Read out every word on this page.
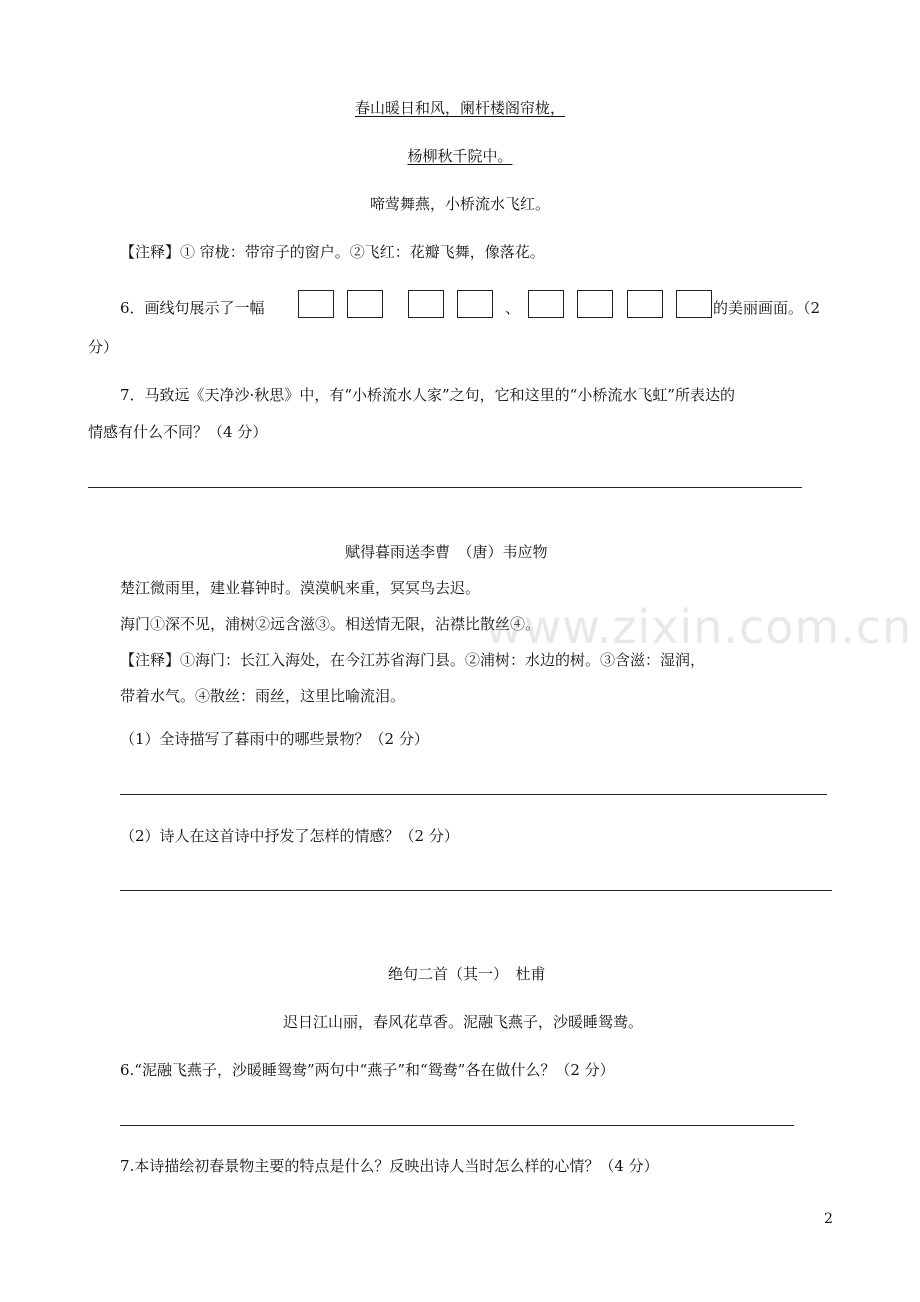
春山暖日和风，阑杆楼阁帘栊，
杨柳秋千院中。
啼莺舞燕，小桥流水飞红。
【注释】① 帘栊：带帘子的窗户。②飞红：花瓣飞舞，像落花。
6．画线句展示了一幅	、	的美丽画面。（2
分）
7．马致远《天净沙·秋思》中，有“小桥流水人家”之句，它和这里的“小桥流水飞虹”所表达的
情感有什么不同？（4 分）
赋得暮雨送李曹　（唐）韦应物
楚江微雨里，建业暮钟时。漠漠帆来重，冥冥鸟去迟。
海门①深不见，浦树②远含滋③。相送情无限，沾襟比散丝④。
【注释】①海门：长江入海处，在今江苏省海门县。②浦树：水边的树。③含滋：湿润，
带着水气。④散丝：雨丝，这里比喻流泪。
（1）全诗描写了暮雨中的哪些景物？（2 分）
（2）诗人在这首诗中抒发了怎样的情感？（2 分）
绝句二首（其一）　杜甫
迟日江山丽，春风花草香。泥融飞燕子，沙暖睡鸳鸯。
6.“泥融飞燕子，沙暖睡鸳鸯”两句中“燕子”和“鸳鸯”各在做什么？（2 分）
7.本诗描绘初春景物主要的特点是什么？反映出诗人当时怎么样的心情？（4 分）
www.zixin.com.cn
2
